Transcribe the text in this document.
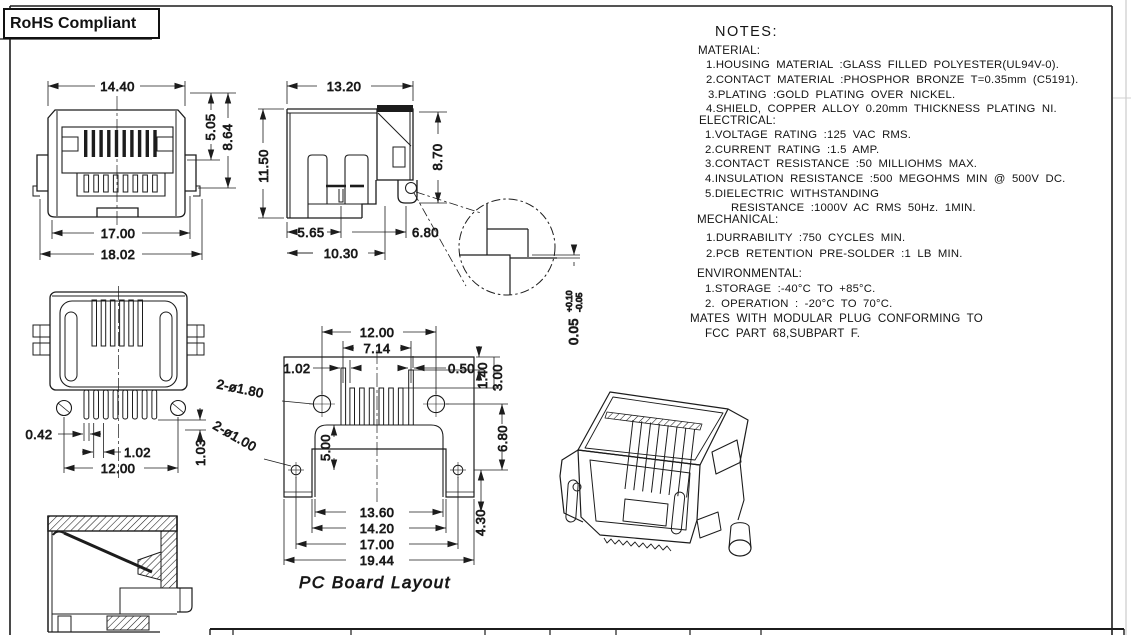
14.40
5.05 8.64
17.00
18.02
13.20
11.50	8.70
5.65	6.80
10.30
0.05
+0.10 -0.05
0.42
1.02
12.00
1.03
12.00
7.14
1.02	0.50 1.40 3.00
2-ø1.80
2-ø1.00	5.00	6.80
4.30
13.60
14.20
17.00
19.44
PC Board Layout
RoHS Compliant	NOTES:
MATERIAL:
1.HOUSING MATERIAL :GLASS FILLED POLYESTER(UL94V-0).
2.CONTACT MATERIAL :PHOSPHOR BRONZE T=0.35mm (C5191).
3.PLATING :GOLD PLATING OVER NICKEL.
4.SHIELD, COPPER ALLOY 0.20mm THICKNESS PLATING NI.
ELECTRICAL:
1.VOLTAGE RATING :125 VAC RMS.
2.CURRENT RATING :1.5 AMP.
3.CONTACT RESISTANCE :50 MILLIOHMS MAX.
4.INSULATION RESISTANCE :500 MEGOHMS MIN @ 500V DC.
5.DIELECTRIC WITHSTANDING
RESISTANCE :1000V AC RMS 50Hz. 1MIN.
MECHANICAL:
1.DURRABILITY :750 CYCLES MIN.
2.PCB RETENTION PRE-SOLDER :1 LB MIN.
ENVIRONMENTAL:
1.STORAGE :-40°C TO +85°C.
2. OPERATION : -20°C TO 70°C.
MATES WITH MODULAR PLUG CONFORMING TO
FCC PART 68,SUBPART F.
